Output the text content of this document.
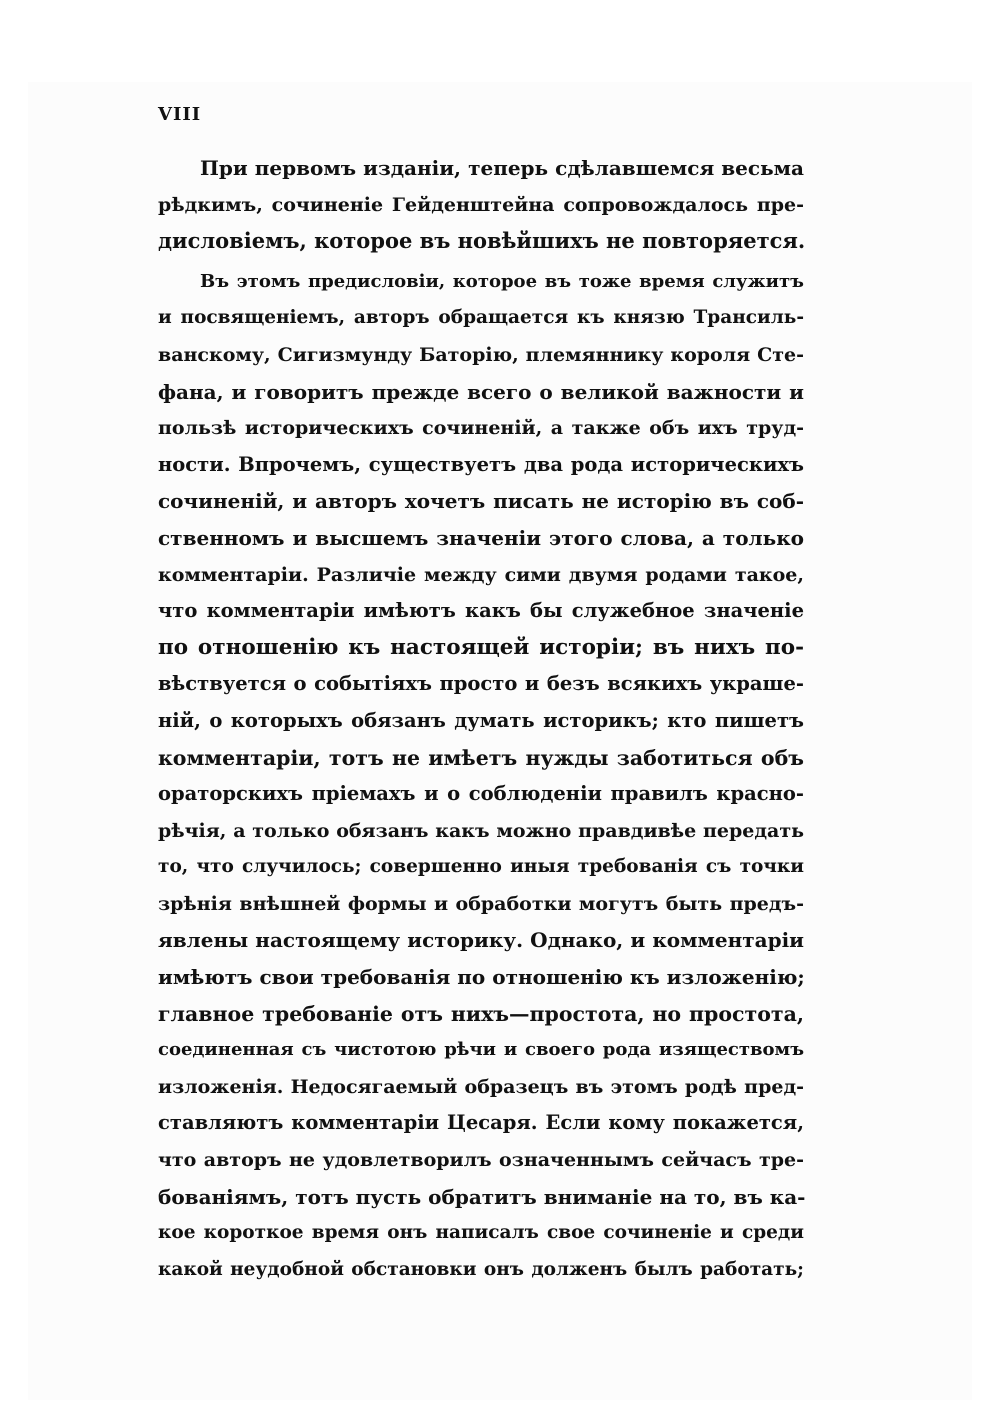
VIII
При первомъ изданіи, теперь сдѣлавшемся весьма
рѣдкимъ, сочиненіе Гейденштейна сопровождалось пре-
дисловіемъ, которое въ новѣйшихъ не повторяется.
Въ этомъ предисловіи, которое въ тоже время служитъ
и посвященіемъ, авторъ обращается къ князю Трансиль-
ванскому, Сигизмунду Баторію, племяннику короля Сте-
фана, и говоритъ прежде всего о великой важности и
пользѣ историческихъ сочиненій, а также объ ихъ труд-
ности. Впрочемъ, существуетъ два рода историческихъ
сочиненій, и авторъ хочетъ писать не исторію въ соб-
ственномъ и высшемъ значеніи этого слова, а только
комментаріи. Различіе между сими двумя родами такое,
что комментаріи имѣютъ какъ бы служебное значеніе
по отношенію къ настоящей исторіи; въ нихъ по-
вѣствуется о событіяхъ просто и безъ всякихъ украше-
ній, о которыхъ обязанъ думать историкъ; кто пишетъ
комментаріи, тотъ не имѣетъ нужды заботиться объ
ораторскихъ пріемахъ и о соблюденіи правилъ красно-
рѣчія, а только обязанъ какъ можно правдивѣе передать
то, что случилось; совершенно иныя требованія съ точки
зрѣнія внѣшней формы и обработки могутъ быть предъ-
явлены настоящему историку. Однако, и комментаріи
имѣютъ свои требованія по отношенію къ изложенію;
главное требованіе отъ нихъ—простота, но простота,
соединенная съ чистотою рѣчи и своего рода изяществомъ
изложенія. Недосягаемый образецъ въ этомъ родѣ пред-
ставляютъ комментаріи Цесаря. Если кому покажется,
что авторъ не удовлетворилъ означеннымъ сейчасъ тре-
бованіямъ, тотъ пусть обратитъ вниманіе на то, въ ка-
кое короткое время онъ написалъ свое сочиненіе и среди
какой неудобной обстановки онъ долженъ былъ работать;
